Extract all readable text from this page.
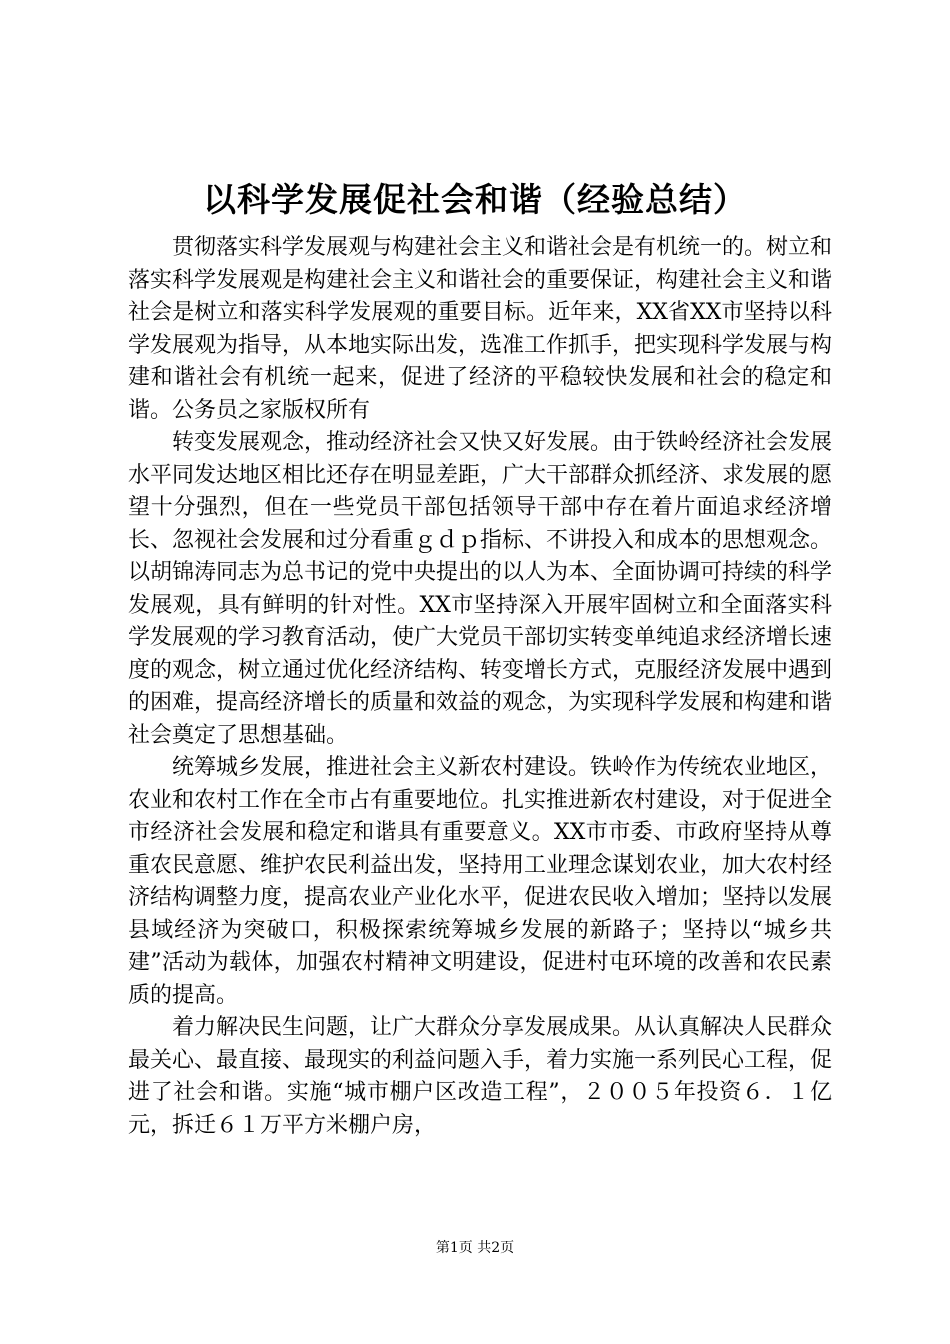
以科学发展促社会和谐（经验总结）

贯彻落实科学发展观与构建社会主义和谐社会是有机统一的。树立和落实科学发展观是构建社会主义和谐社会的重要保证，构建社会主义和谐社会是树立和落实科学发展观的重要目标。近年来，XX省XX市坚持以科学发展观为指导，从本地实际出发，选准工作抓手，把实现科学发展与构建和谐社会有机统一起来，促进了经济的平稳较快发展和社会的稳定和谐。公务员之家版权所有

转变发展观念，推动经济社会又快又好发展。由于铁岭经济社会发展水平同发达地区相比还存在明显差距，广大干部群众抓经济、求发展的愿望十分强烈，但在一些党员干部包括领导干部中存在着片面追求经济增长、忽视社会发展和过分看重ｇｄｐ指标、不讲投入和成本的思想观念。以胡锦涛同志为总书记的党中央提出的以人为本、全面协调可持续的科学发展观，具有鲜明的针对性。XX市坚持深入开展牢固树立和全面落实科学发展观的学习教育活动，使广大党员干部切实转变单纯追求经济增长速度的观念，树立通过优化经济结构、转变增长方式，克服经济发展中遇到的困难，提高经济增长的质量和效益的观念，为实现科学发展和构建和谐社会奠定了思想基础。

统筹城乡发展，推进社会主义新农村建设。铁岭作为传统农业地区，农业和农村工作在全市占有重要地位。扎实推进新农村建设，对于促进全市经济社会发展和稳定和谐具有重要意义。XX市市委、市政府坚持从尊重农民意愿、维护农民利益出发，坚持用工业理念谋划农业，加大农村经济结构调整力度，提高农业产业化水平，促进农民收入增加；坚持以发展县域经济为突破口，积极探索统筹城乡发展的新路子；坚持以“城乡共建”活动为载体，加强农村精神文明建设，促进村屯环境的改善和农民素质的提高。

着力解决民生问题，让广大群众分享发展成果。从认真解决人民群众最关心、最直接、最现实的利益问题入手，着力实施一系列民心工程，促进了社会和谐。实施“城市棚户区改造工程”，２００５年投资６．１亿元，拆迁６１万平方米棚户房，

第1页 共2页
